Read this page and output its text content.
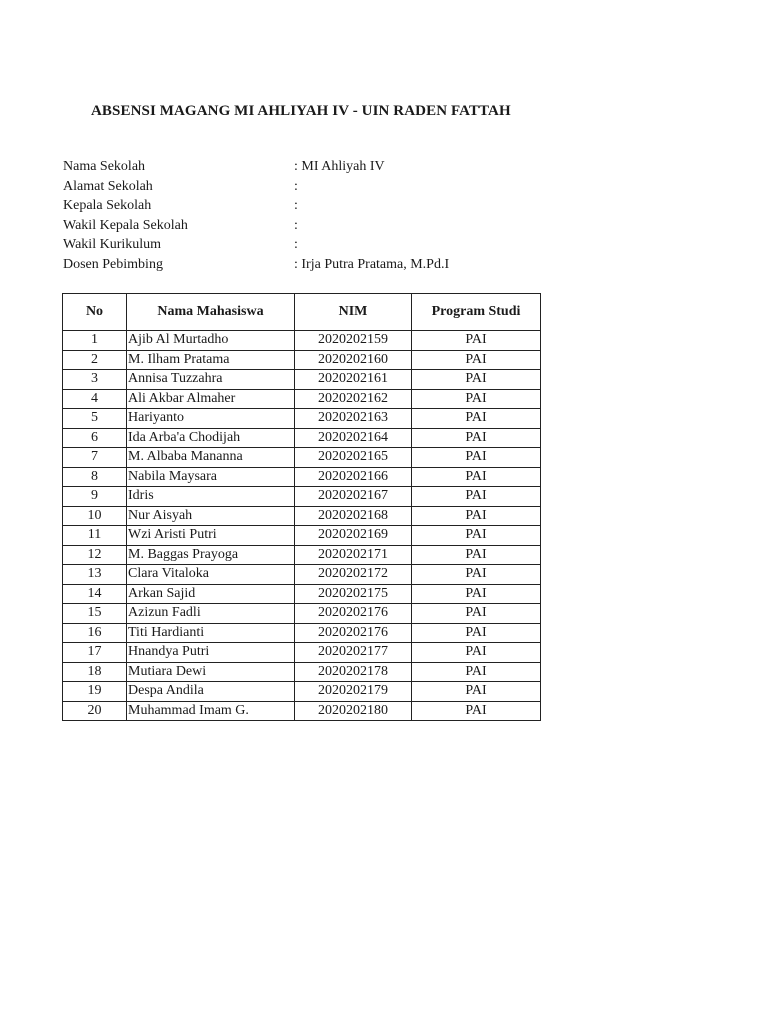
ABSENSI MAGANG MI AHLIYAH IV - UIN RADEN FATTAH
Nama Sekolah	: MI Ahliyah IV
Alamat Sekolah	:
Kepala Sekolah	:
Wakil Kepala Sekolah	:
Wakil Kurikulum	:
Dosen Pebimbing	: Irja Putra Pratama, M.Pd.I
No	Nama Mahasiswa	NIM	Program Studi
1	Ajib Al Murtadho	2020202159	PAI
2	M. Ilham Pratama	2020202160	PAI
3	Annisa Tuzzahra	2020202161	PAI
4	Ali Akbar Almaher	2020202162	PAI
5	Hariyanto	2020202163	PAI
6	Ida Arba'a Chodijah	2020202164	PAI
7	M. Albaba Mananna	2020202165	PAI
8	Nabila Maysara	2020202166	PAI
9	Idris	2020202167	PAI
10	Nur Aisyah	2020202168	PAI
11	Wzi Aristi Putri	2020202169	PAI
12	M. Baggas Prayoga	2020202171	PAI
13	Clara Vitaloka	2020202172	PAI
14	Arkan Sajid	2020202175	PAI
15	Azizun Fadli	2020202176	PAI
16	Titi Hardianti	2020202176	PAI
17	Hnandya Putri	2020202177	PAI
18	Mutiara Dewi	2020202178	PAI
19	Despa Andila	2020202179	PAI
20	Muhammad Imam G.	2020202180	PAI
